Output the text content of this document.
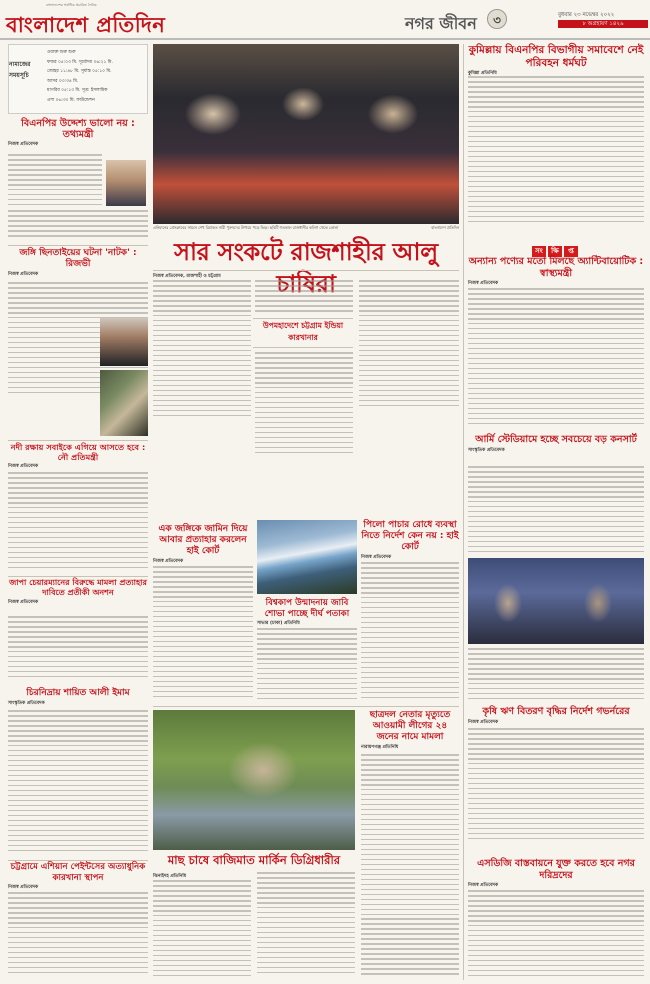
বাংলাদেশের সর্বাধিক প্রচারিত দৈনিক
বাংলাদেশ প্রতিদিন	নগর জীবন	৩	বুধবার ২৩ নভেম্বর ২০২২
৮ অগ্রহায়ণ ১৪২৯
নামাজের
সময়সূচি
ওয়াক্ত শুরু শুরু
ফজর ০৫:০৩ মি. সূর্যোদয় ০৬:২১ মি.
জোহর ১১:৪৮ মি. সূর্যাস্ত ০৫:১০ মি.
আসর ০৩:৩৪ মি.
মাগরিব ০৫:১৩ মি. সূত্র: ইসলামিক
এশা ০৬:৩০ মি. ফাউন্ডেশন
বিএনপির উদ্দেশ্য ভালো নয় : তথ্যমন্ত্রী
নিজস্ব প্রতিবেদক
জঙ্গি ছিনতাইয়ের ঘটনা 'নাটক' : রিজভী
নিজস্ব প্রতিবেদক
নদী রক্ষায় সবাইকে এগিয়ে আসতে হবে : নৌ প্রতিমন্ত্রী
নিজস্ব প্রতিবেদক
জাপা চেয়ারম্যানের বিরুদ্ধে মামলা প্রত্যাহার দাবিতে প্রতীকী অনশন
নিজস্ব প্রতিবেদক
চিরনিদ্রায় শায়িত আলী ইমাম
সাংস্কৃতিক প্রতিবেদক
চট্টগ্রামে এশিয়ান পেইন্টসের অত্যাধুনিক কারখানা স্থাপন
নিজস্ব প্রতিবেদক
এনিমানের প্রেসক্লাবের সামনে শেখ রিমাকত নারী পুরুষদের উপায়ে পড়ে ভিড়। ছবিটি গতকাল রাজধানীর কলিগ থেকে তোলা	বাংলাদেশ প্রতিদিন
সার সংকটে রাজশাহীর আলু
নিজস্ব প্রতিবেদক, রাজশাহী ও চট্টগ্রাম
উপমহাদেশে চট্টগ্রাম ইন্ডিয়া কারখানার
এক জঙ্গিকে জামিন দিয়ে আবার প্রত্যাহার করলেন হাই কোর্ট
নিজস্ব প্রতিবেদক
বিশ্বকাপ উন্মাদনায় জাবি শোভা পাচ্ছে দীর্ঘ পতাকা
সাভার (ঢাকা) প্রতিনিধি
পিলো পাচার রোধে ব্যবস্থা নিতে নির্দেশ কেন নয় : হাই কোর্ট
নিজস্ব প্রতিবেদক
মাছ চাষে বাজিমাত মার্কিন ডিগ্রিধারীর
ঝিনাইদহ প্রতিনিধি
ছাত্রদল নেতার মৃত্যুতে আওয়ামী লীগের ২৪ জনের নামে মামলা
নারায়ণগঞ্জ প্রতিনিধি
কুমিল্লায় বিএনপির বিভাগীয় সমাবেশে নেই পরিবহন ধর্মঘট
কুমিল্লা প্রতিনিধি
সং ক্ষি প্ত
অন্যান্য পণ্যের মতো মিলছে অ্যান্টিবায়োটিক : স্বাস্থ্যমন্ত্রী
নিজস্ব প্রতিবেদক
আর্মি স্টেডিয়ামে হচ্ছে সবচেয়ে বড় কনসার্ট
সাংস্কৃতিক প্রতিবেদক
কৃষি ঋণ বিতরণ বৃদ্ধির নির্দেশ গভর্নরের
নিজস্ব প্রতিবেদক
এসডিজি বাস্তবায়নে যুক্ত করতে হবে নগর দরিদ্রদের
নিজস্ব প্রতিবেদক
